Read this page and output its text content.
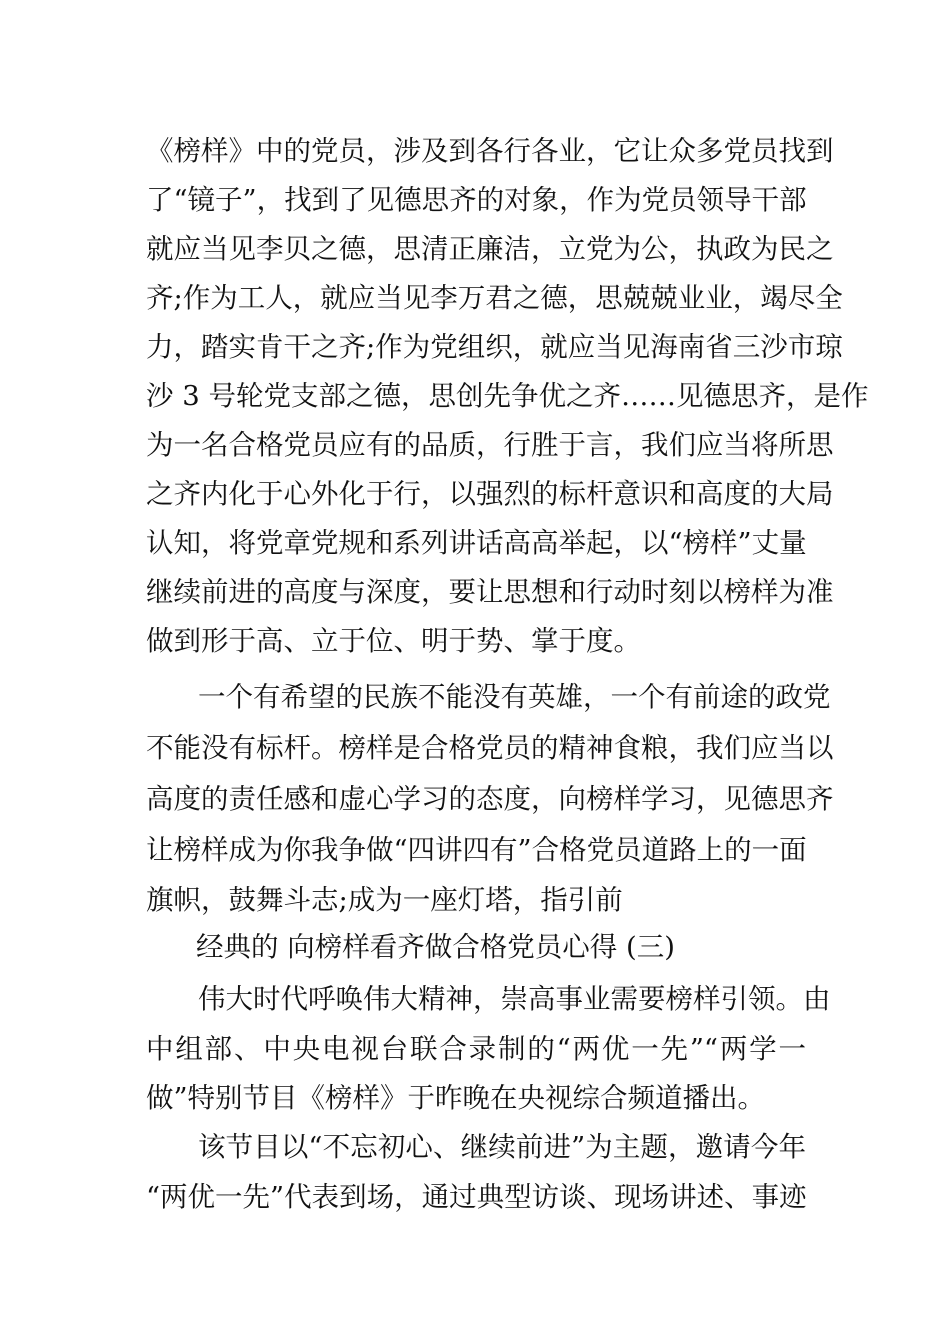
《榜样》中的党员，涉及到各行各业，它让众多党员找到
了“镜子”，找到了见德思齐的对象，作为党员领导干部
就应当见李贝之德，思清正廉洁，立党为公，执政为民之
齐;作为工人，就应当见李万君之德，思兢兢业业，竭尽全
力，踏实肯干之齐;作为党组织，就应当见海南省三沙市琼
沙 3 号轮党支部之德，思创先争优之齐……见德思齐，是作
为一名合格党员应有的品质，行胜于言，我们应当将所思
之齐内化于心外化于行，以强烈的标杆意识和高度的大局
认知，将党章党规和系列讲话高高举起，以“榜样”丈量
继续前进的高度与深度，要让思想和行动时刻以榜样为准
做到形于高、立于位、明于势、掌于度。
一个有希望的民族不能没有英雄，一个有前途的政党
不能没有标杆。榜样是合格党员的精神食粮，我们应当以
高度的责任感和虚心学习的态度，向榜样学习，见德思齐
让榜样成为你我争做“四讲四有”合格党员道路上的一面
旗帜，鼓舞斗志;成为一座灯塔，指引前
经典的 向榜样看齐做合格党员心得 (三)
伟大时代呼唤伟大精神，崇高事业需要榜样引领。由
中组部、中央电视台联合录制的“两优一先”“两学一
做”特别节目《榜样》于昨晚在央视综合频道播出。
该节目以“不忘初心、继续前进”为主题，邀请今年
“两优一先”代表到场，通过典型访谈、现场讲述、事迹
